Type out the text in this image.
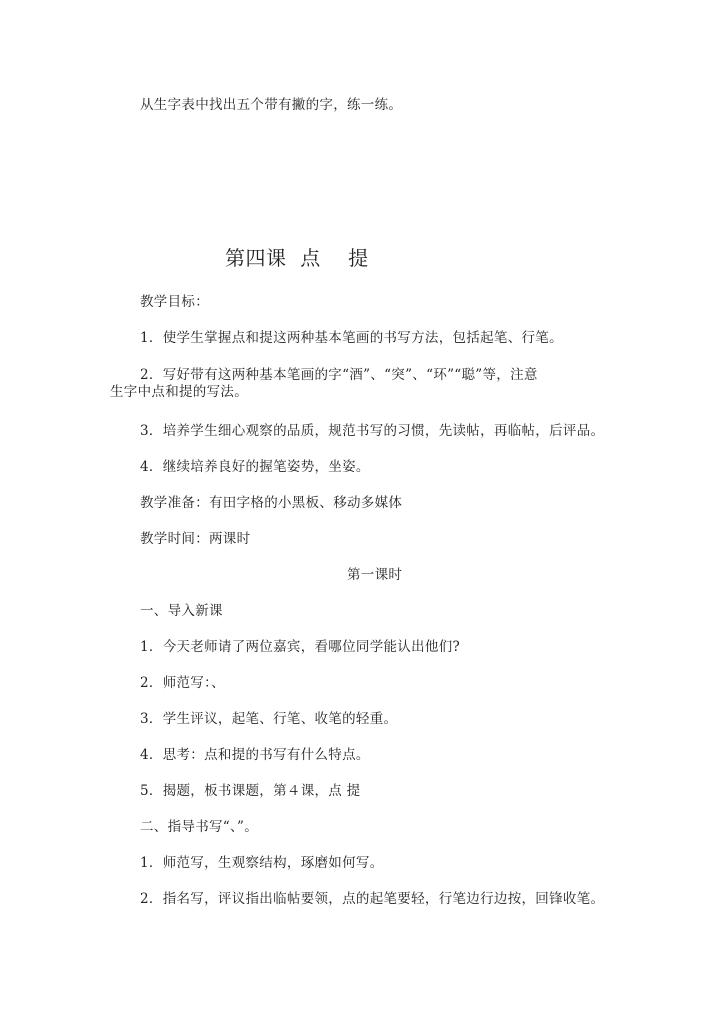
从生字表中找出五个带有撇的字，练一练。
第四课  点    提
教学目标：
1．使学生掌握点和提这两种基本笔画的书写方法，包括起笔、行笔。
2．写好带有这两种基本笔画的字“酒”、“突”、“环”“聪”等，注意
生字中点和提的写法。
3．培养学生细心观察的品质，规范书写的习惯，先读帖，再临帖，后评品。
4．继续培养良好的握笔姿势，坐姿。
教学准备：有田字格的小黑板、移动多媒体
教学时间：两课时
第一课时
一、导入新课
1．今天老师请了两位嘉宾，看哪位同学能认出他们?
2．师范写：、
3．学生评议，起笔、行笔、收笔的轻重。
4．思考：点和提的书写有什么特点。
5．揭题，板书课题，第４课，点 提
二、指导书写“、”。
1．师范写，生观察结构，琢磨如何写。
2．指名写，评议指出临帖要领，点的起笔要轻，行笔边行边按，回锋收笔。
